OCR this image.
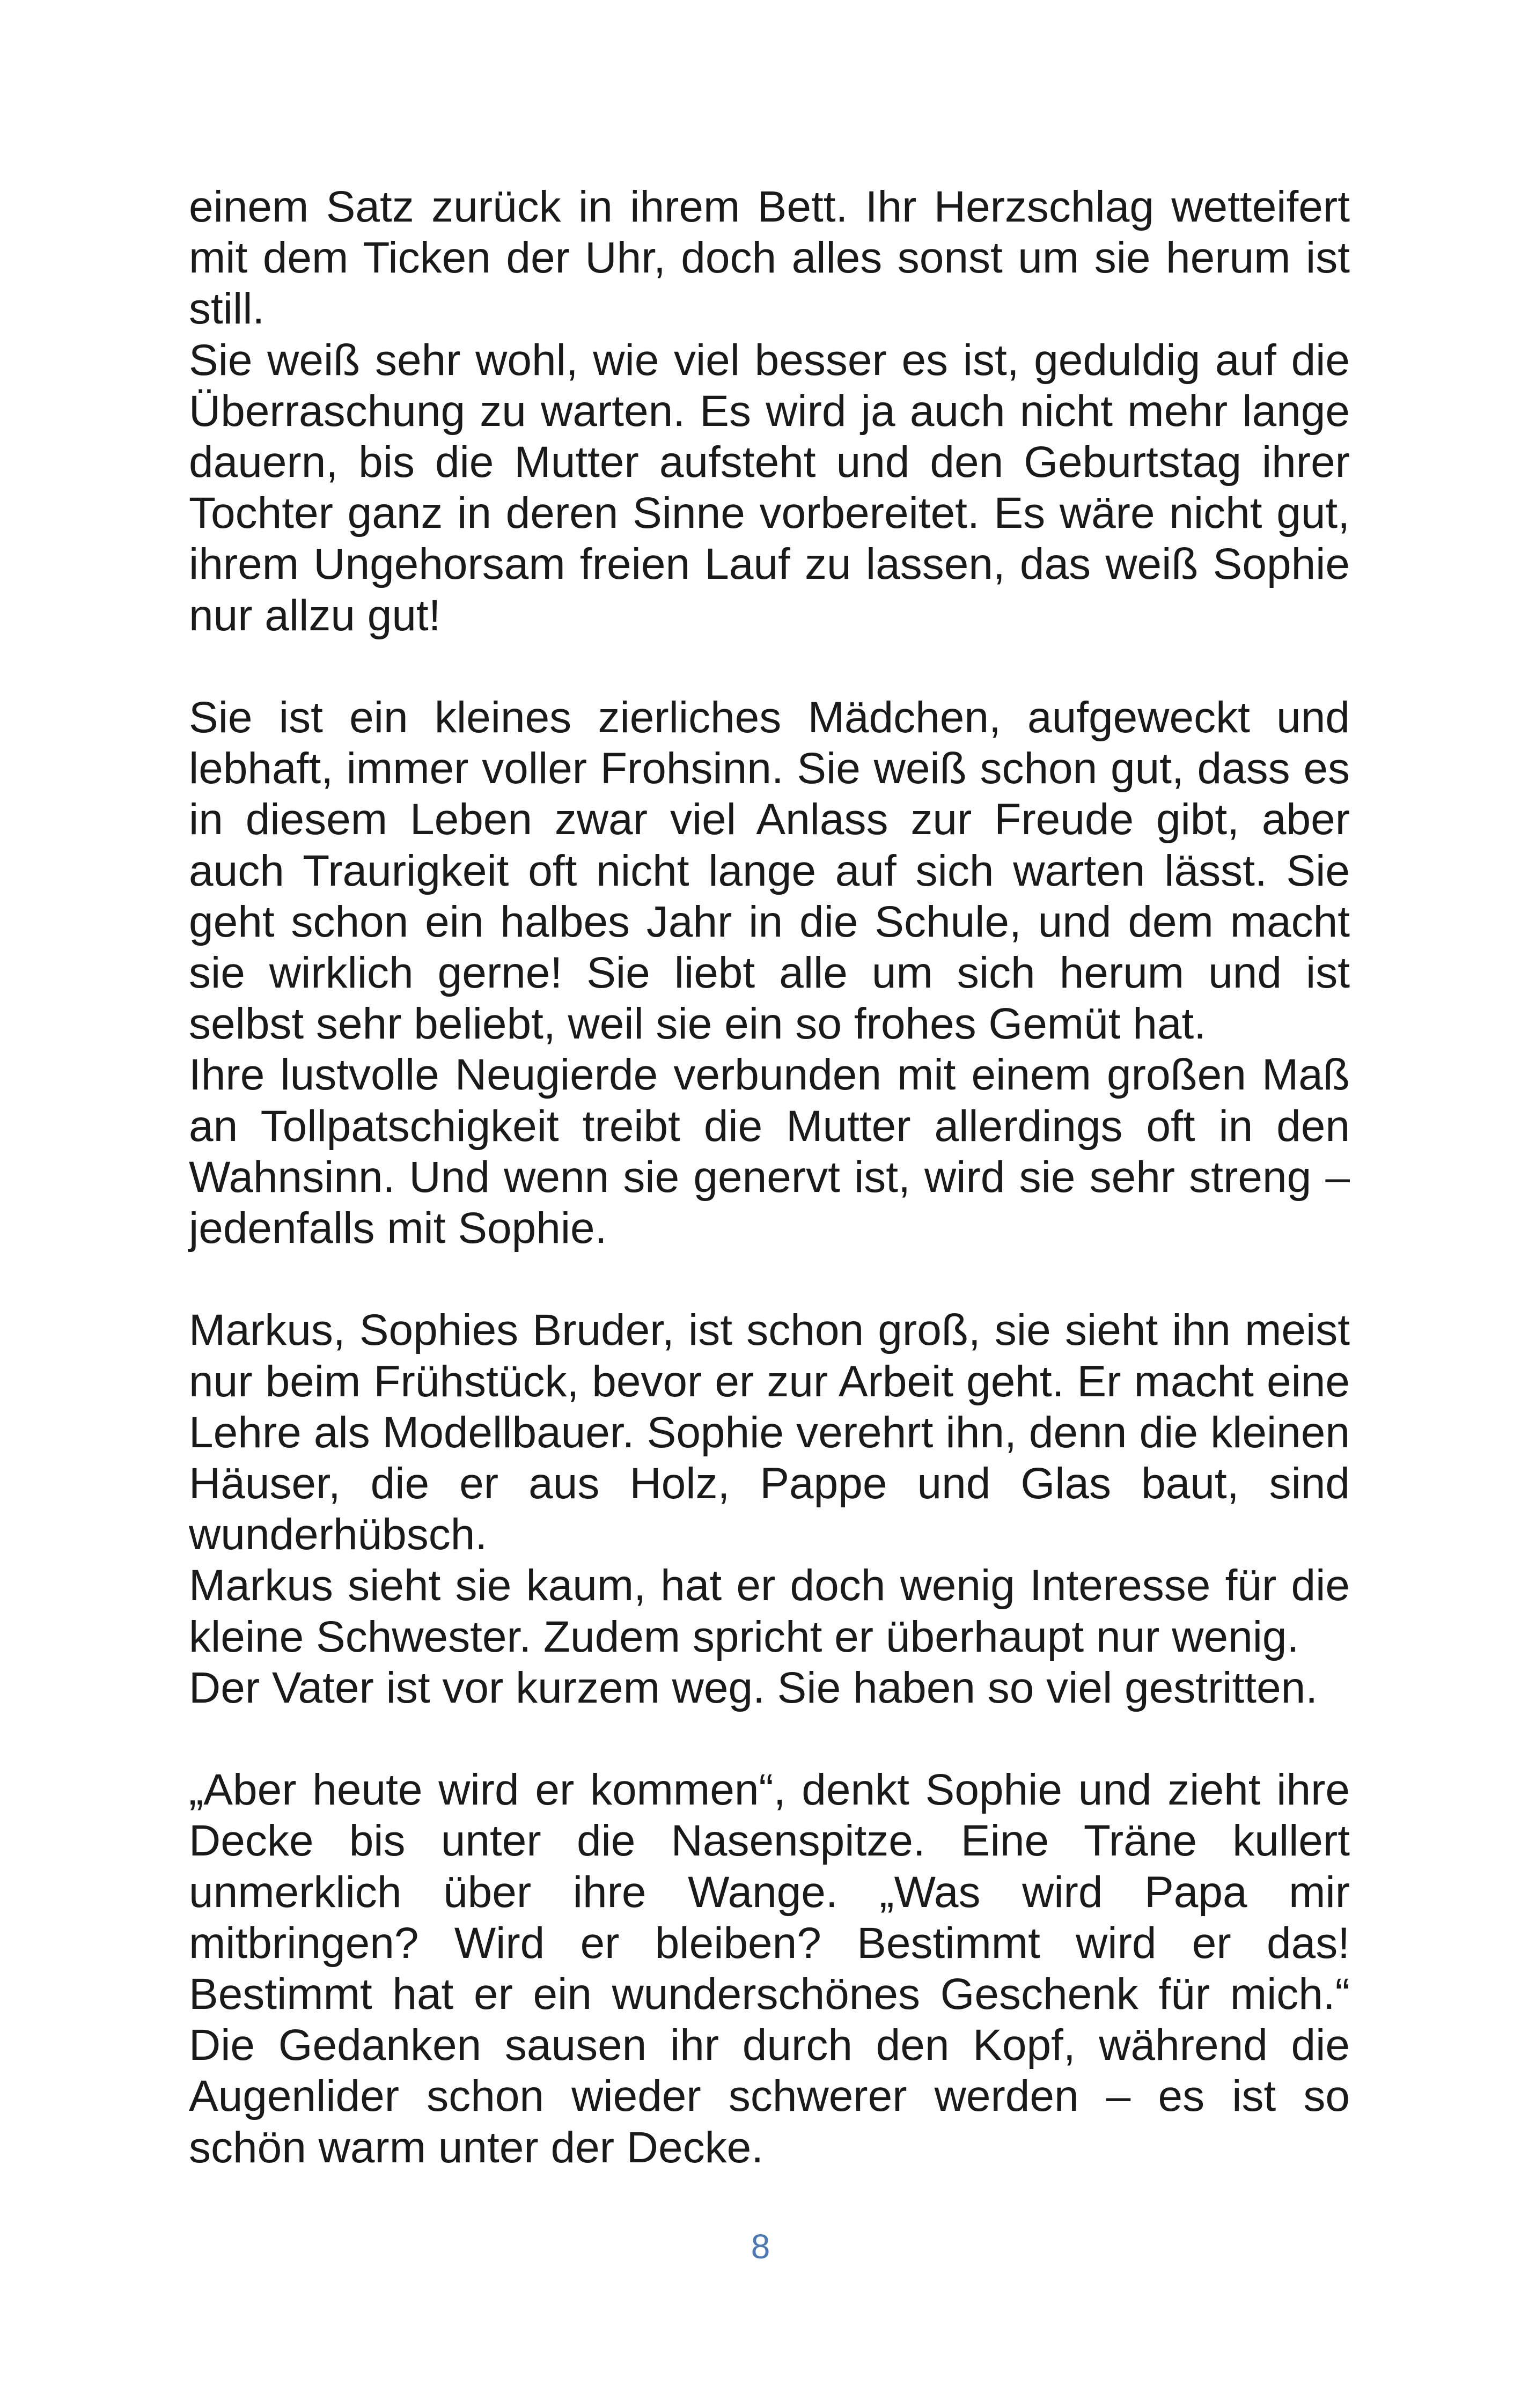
einem Satz zurück in ihrem Bett. Ihr Herzschlag wetteifert mit dem Ticken der Uhr, doch alles sonst um sie herum ist still.

Sie weiß sehr wohl, wie viel besser es ist, geduldig auf die Überraschung zu warten. Es wird ja auch nicht mehr lange dauern, bis die Mutter aufsteht und den Geburtstag ihrer Tochter ganz in deren Sinne vorbereitet. Es wäre nicht gut, ihrem Ungehorsam freien Lauf zu lassen, das weiß Sophie nur allzu gut!

Sie ist ein kleines zierliches Mädchen, aufgeweckt und lebhaft, immer voller Frohsinn. Sie weiß schon gut, dass es in diesem Leben zwar viel Anlass zur Freude gibt, aber auch Traurigkeit oft nicht lange auf sich warten lässt. Sie geht schon ein halbes Jahr in die Schule, und dem macht sie wirklich gerne! Sie liebt alle um sich herum und ist selbst sehr beliebt, weil sie ein so frohes Gemüt hat.

Ihre lustvolle Neugierde verbunden mit einem großen Maß an Tollpatschigkeit treibt die Mutter allerdings oft in den Wahnsinn. Und wenn sie genervt ist, wird sie sehr streng – jedenfalls mit Sophie.

Markus, Sophies Bruder, ist schon groß, sie sieht ihn meist nur beim Frühstück, bevor er zur Arbeit geht. Er macht eine Lehre als Modellbauer. Sophie verehrt ihn, denn die kleinen Häuser, die er aus Holz, Pappe und Glas baut, sind wunderhübsch.

Markus sieht sie kaum, hat er doch wenig Interesse für die kleine Schwester. Zudem spricht er überhaupt nur wenig.

Der Vater ist vor kurzem weg. Sie haben so viel gestritten.

„Aber heute wird er kommen“, denkt Sophie und zieht ihre Decke bis unter die Nasenspitze. Eine Träne kullert unmerklich über ihre Wange. „Was wird Papa mir mitbringen? Wird er bleiben? Bestimmt wird er das! Bestimmt hat er ein wunderschönes Geschenk für mich.“ Die Gedanken sausen ihr durch den Kopf, während die Augenlider schon wieder schwerer werden – es ist so schön warm unter der Decke.

8
